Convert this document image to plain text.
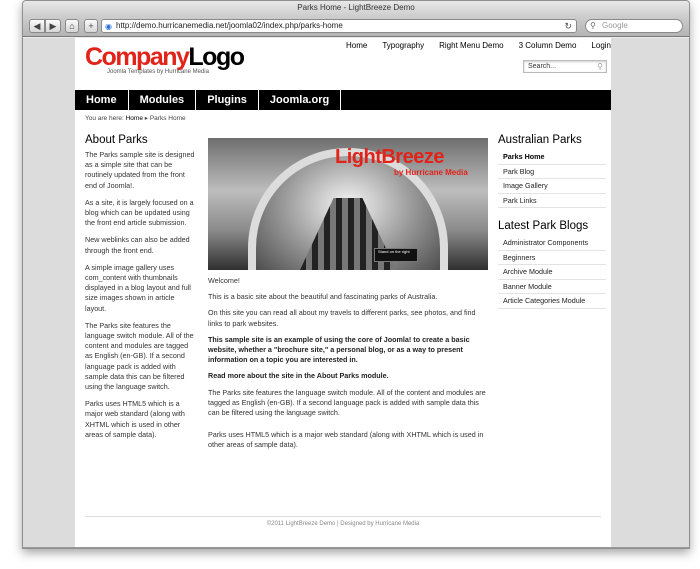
Parks Home - LightBreeze Demo
◀	▶	⌂	+	◉ http://demo.hurricanemedia.net/joomla02/index.php/parks-home	↻ ⚲ Google
CompanyLogo
Joomla Templates by Hurricane Media
Home Typography Right Menu Demo 3 Column Demo Login
Search...	⚲
Home	Modules	Plugins	Joomla.org
You are here: Home ▸ Parks Home
About Parks

The Parks sample site is designed as a simple site that can be routinely updated from the front end of Joomla!.

As a site, it is largely focused on a blog which can be updated using the front end article submission.

New weblinks can also be added through the front end.

A simple image gallery uses com_content with thumbnails displayed in a blog layout and full size images shown in article layout.

The Parks site features the language switch module. All of the content and modules are tagged as English (en-GB). If a second language pack is added with sample data this can be filtered using the language switch.

Parks uses HTML5 which is a major web standard (along with XHTML which is used in other areas of sample data).

LightBreeze
by Hurricane Media
Stand on the right

Welcome!

This is a basic site about the beautiful and fascinating parks of Australia.

On this site you can read all about my travels to different parks, see photos, and find links to park websites.

This sample site is an example of using the core of Joomla! to create a basic website, whether a "brochure site," a personal blog, or as a way to present information on a topic you are interested in.

Read more about the site in the About Parks module.

The Parks site features the language switch module. All of the content and modules are tagged as English (en-GB). If a second language pack is added with sample data this can be filtered using the language switch.

Parks uses HTML5 which is a major web standard (along with XHTML which is used in other areas of sample data).

Australian Parks
Parks Home
Park Blog
Image Gallery
Park Links
Latest Park Blogs
Administrator Components
Beginners
Archive Module
Banner Module
Article Categories Module
©2011 LightBreeze Demo | Designed by Hurricane Media
